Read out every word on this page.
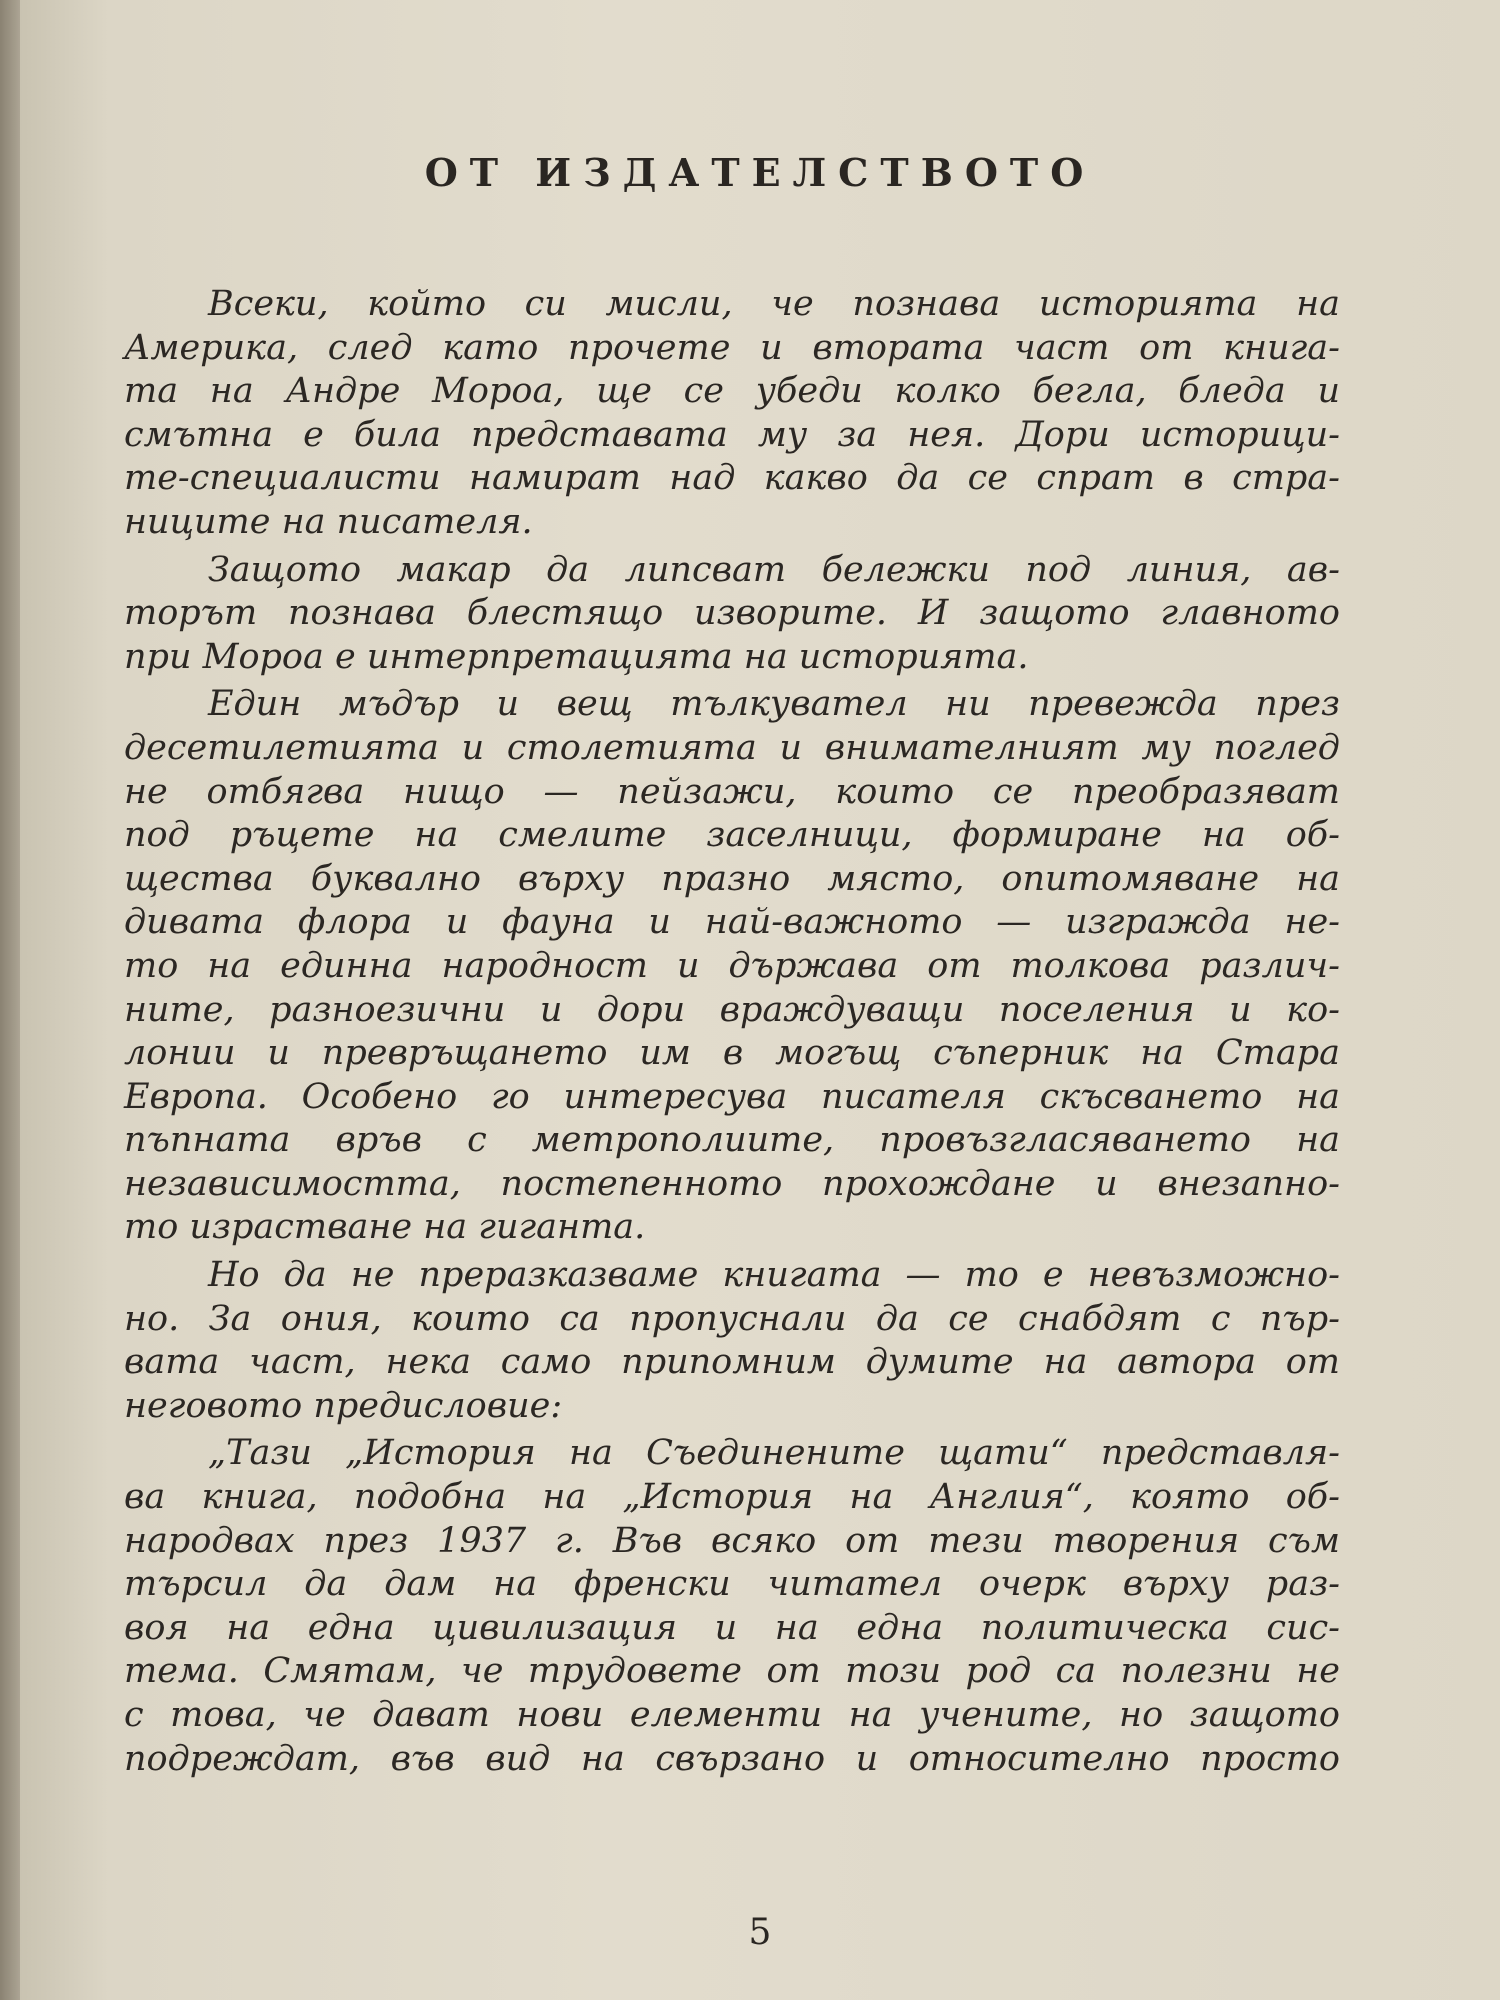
ОТ ИЗДАТЕЛСТВОТО
Всеки, който си мисли, че познава историята на
Америка, след като прочете и втората част от книга-
та на Андре Мороа, ще се убеди колко бегла, бледа и
смътна е била представата му за нея. Дори историци-
те-специалисти намират над какво да се спрат в стра-
ниците на писателя.
Защото макар да липсват бележки под линия, ав-
торът познава блестящо изворите. И защото главното
при Мороа е интерпретацията на историята.
Един мъдър и вещ тълкувател ни превежда през
десетилетията и столетията и внимателният му поглед
не отбягва нищо — пейзажи, които се преобразяват
под ръцете на смелите заселници, формиране на об-
щества буквално върху празно място, опитомяване на
дивата флора и фауна и най-важното — изгражда не-
то на единна народност и държава от толкова различ-
ните, разноезични и дори враждуващи поселения и ко-
лонии и превръщането им в могъщ съперник на Стара
Европа. Особено го интересува писателя скъсването на
пъпната връв с метрополиите, провъзгласяването на
независимостта, постепенното прохождане и внезапно-
то израстване на гиганта.
Но да не преразказваме книгата — то е невъзможно-
но. За ония, които са пропуснали да се снабдят с пър-
вата част, нека само припомним думите на автора от
неговото предисловие:
„Тази „История на Съединените щати“ представля-
ва книга, подобна на „История на Англия“, която об-
народвах през 1937 г. Във всяко от тези творения съм
търсил да дам на френски читател очерк върху раз-
воя на една цивилизация и на една политическа сис-
тема. Смятам, че трудовете от този род са полезни не
с това, че дават нови елементи на учените, но защото
подреждат, във вид на свързано и относително просто
5
